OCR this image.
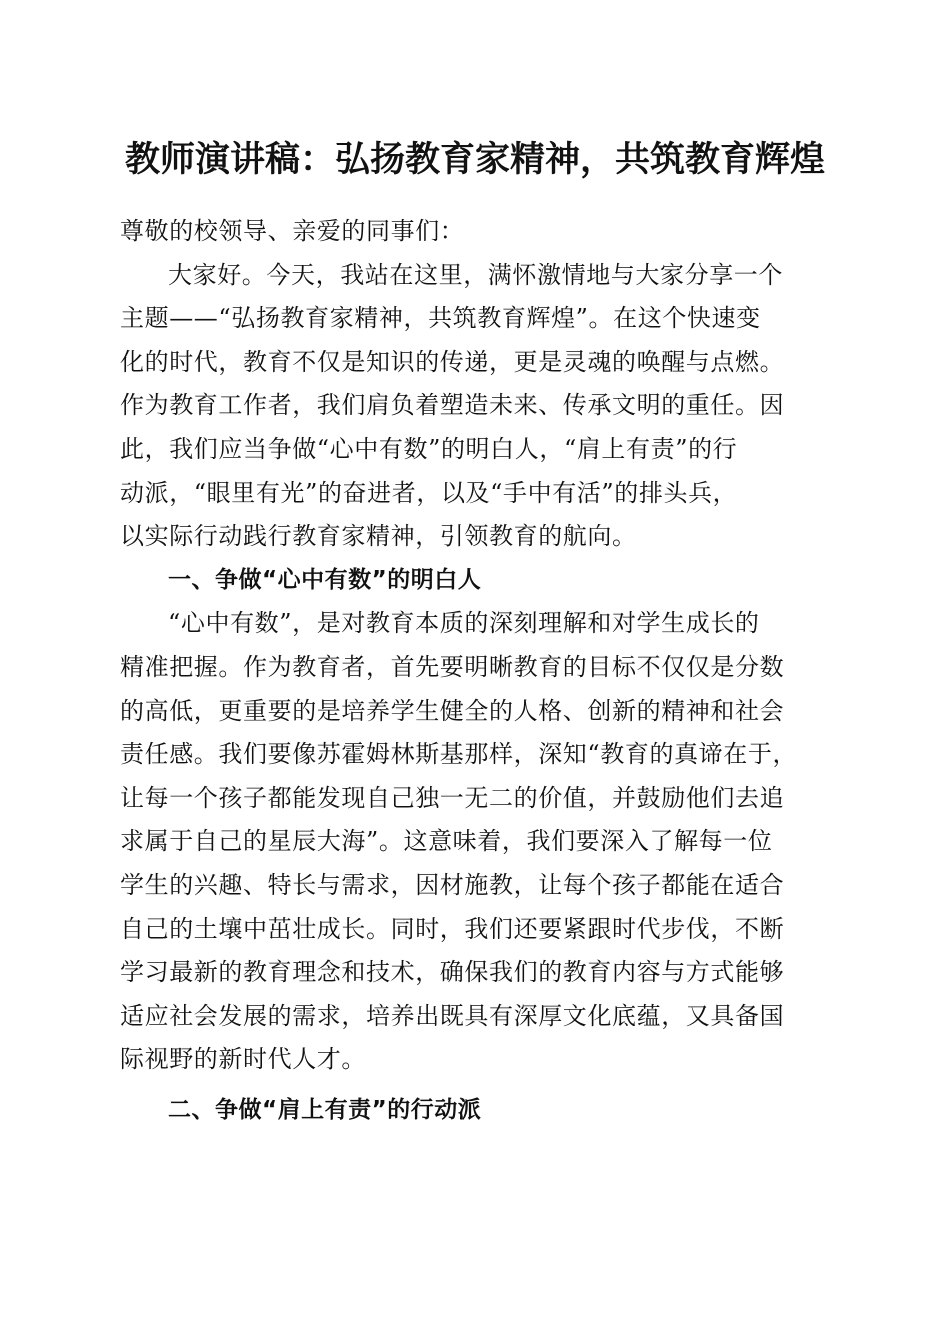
教师演讲稿：弘扬教育家精神，共筑教育辉煌
尊敬的校领导、亲爱的同事们：
大家好。今天，我站在这里，满怀激情地与大家分享一个
主题——“弘扬教育家精神，共筑教育辉煌”。在这个快速变
化的时代，教育不仅是知识的传递，更是灵魂的唤醒与点燃。
作为教育工作者，我们肩负着塑造未来、传承文明的重任。因
此，我们应当争做“心中有数”的明白人，“肩上有责”的行
动派，“眼里有光”的奋进者，以及“手中有活”的排头兵，
以实际行动践行教育家精神，引领教育的航向。
一、争做“心中有数”的明白人
“心中有数”，是对教育本质的深刻理解和对学生成长的
精准把握。作为教育者，首先要明晰教育的目标不仅仅是分数
的高低，更重要的是培养学生健全的人格、创新的精神和社会
责任感。我们要像苏霍姆林斯基那样，深知“教育的真谛在于，
让每一个孩子都能发现自己独一无二的价值，并鼓励他们去追
求属于自己的星辰大海”。这意味着，我们要深入了解每一位
学生的兴趣、特长与需求，因材施教，让每个孩子都能在适合
自己的土壤中茁壮成长。同时，我们还要紧跟时代步伐，不断
学习最新的教育理念和技术，确保我们的教育内容与方式能够
适应社会发展的需求，培养出既具有深厚文化底蕴，又具备国
际视野的新时代人才。
二、争做“肩上有责”的行动派
